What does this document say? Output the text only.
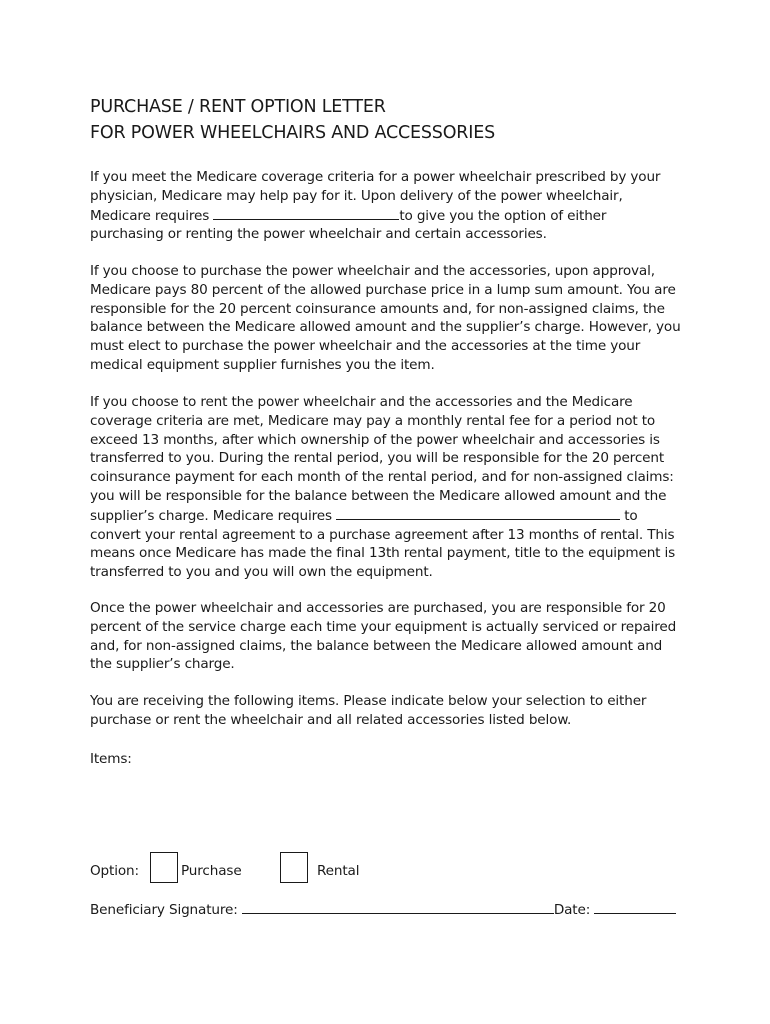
PURCHASE / RENT OPTION LETTER
FOR POWER WHEELCHAIRS AND ACCESSORIES
If you meet the Medicare coverage criteria for a power wheelchair prescribed by your
physician, Medicare may help pay for it. Upon delivery of the power wheelchair,
Medicare requires	to give you the option of either
purchasing or renting the power wheelchair and certain accessories.
If you choose to purchase the power wheelchair and the accessories, upon approval,
Medicare pays 80 percent of the allowed purchase price in a lump sum amount. You are
responsible for the 20 percent coinsurance amounts and, for non-assigned claims, the
balance between the Medicare allowed amount and the supplier’s charge. However, you
must elect to purchase the power wheelchair and the accessories at the time your
medical equipment supplier furnishes you the item.
If you choose to rent the power wheelchair and the accessories and the Medicare
coverage criteria are met, Medicare may pay a monthly rental fee for a period not to
exceed 13 months, after which ownership of the power wheelchair and accessories is
transferred to you. During the rental period, you will be responsible for the 20 percent
coinsurance payment for each month of the rental period, and for non-assigned claims:
you will be responsible for the balance between the Medicare allowed amount and the
supplier’s charge. Medicare requires	to
convert your rental agreement to a purchase agreement after 13 months of rental. This
means once Medicare has made the final 13th rental payment, title to the equipment is
transferred to you and you will own the equipment.
Once the power wheelchair and accessories are purchased, you are responsible for 20
percent of the service charge each time your equipment is actually serviced or repaired
and, for non-assigned claims, the balance between the Medicare allowed amount and
the supplier’s charge.
You are receiving the following items. Please indicate below your selection to either
purchase or rent the wheelchair and all related accessories listed below.
Items:
Option:	Purchase	Rental
Beneficiary Signature:	Date:
